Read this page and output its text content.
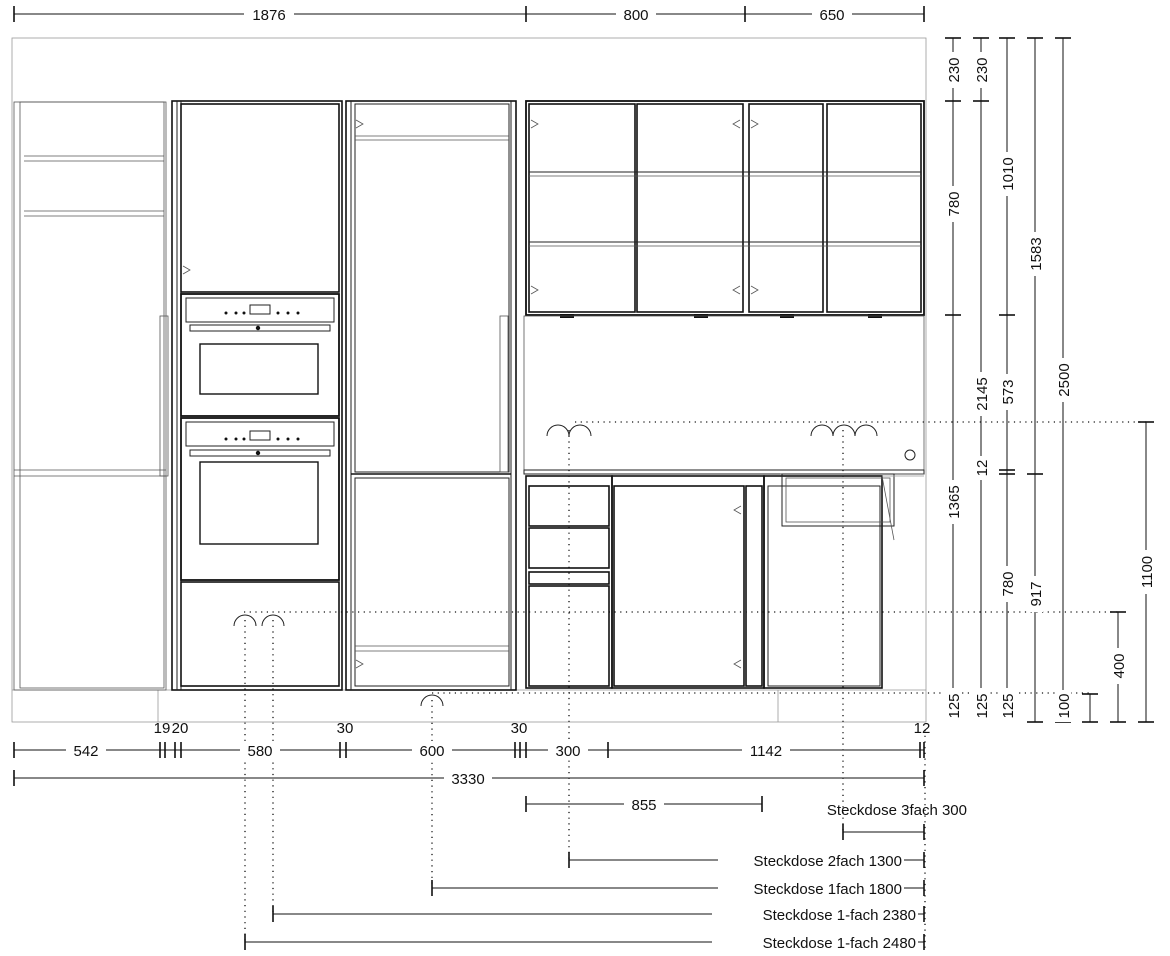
1876	800	650
230
780
1365
125
230
2145
12
125
1010
573
780
125
1583
917
100
2500
400
1100
19 20	30	30	12
542	580	600	300	1142
3330
855	Steckdose 3fach 300
Steckdose 2fach 1300
Steckdose 1fach 1800
Steckdose 1-fach 2380
Steckdose 1-fach 2480
